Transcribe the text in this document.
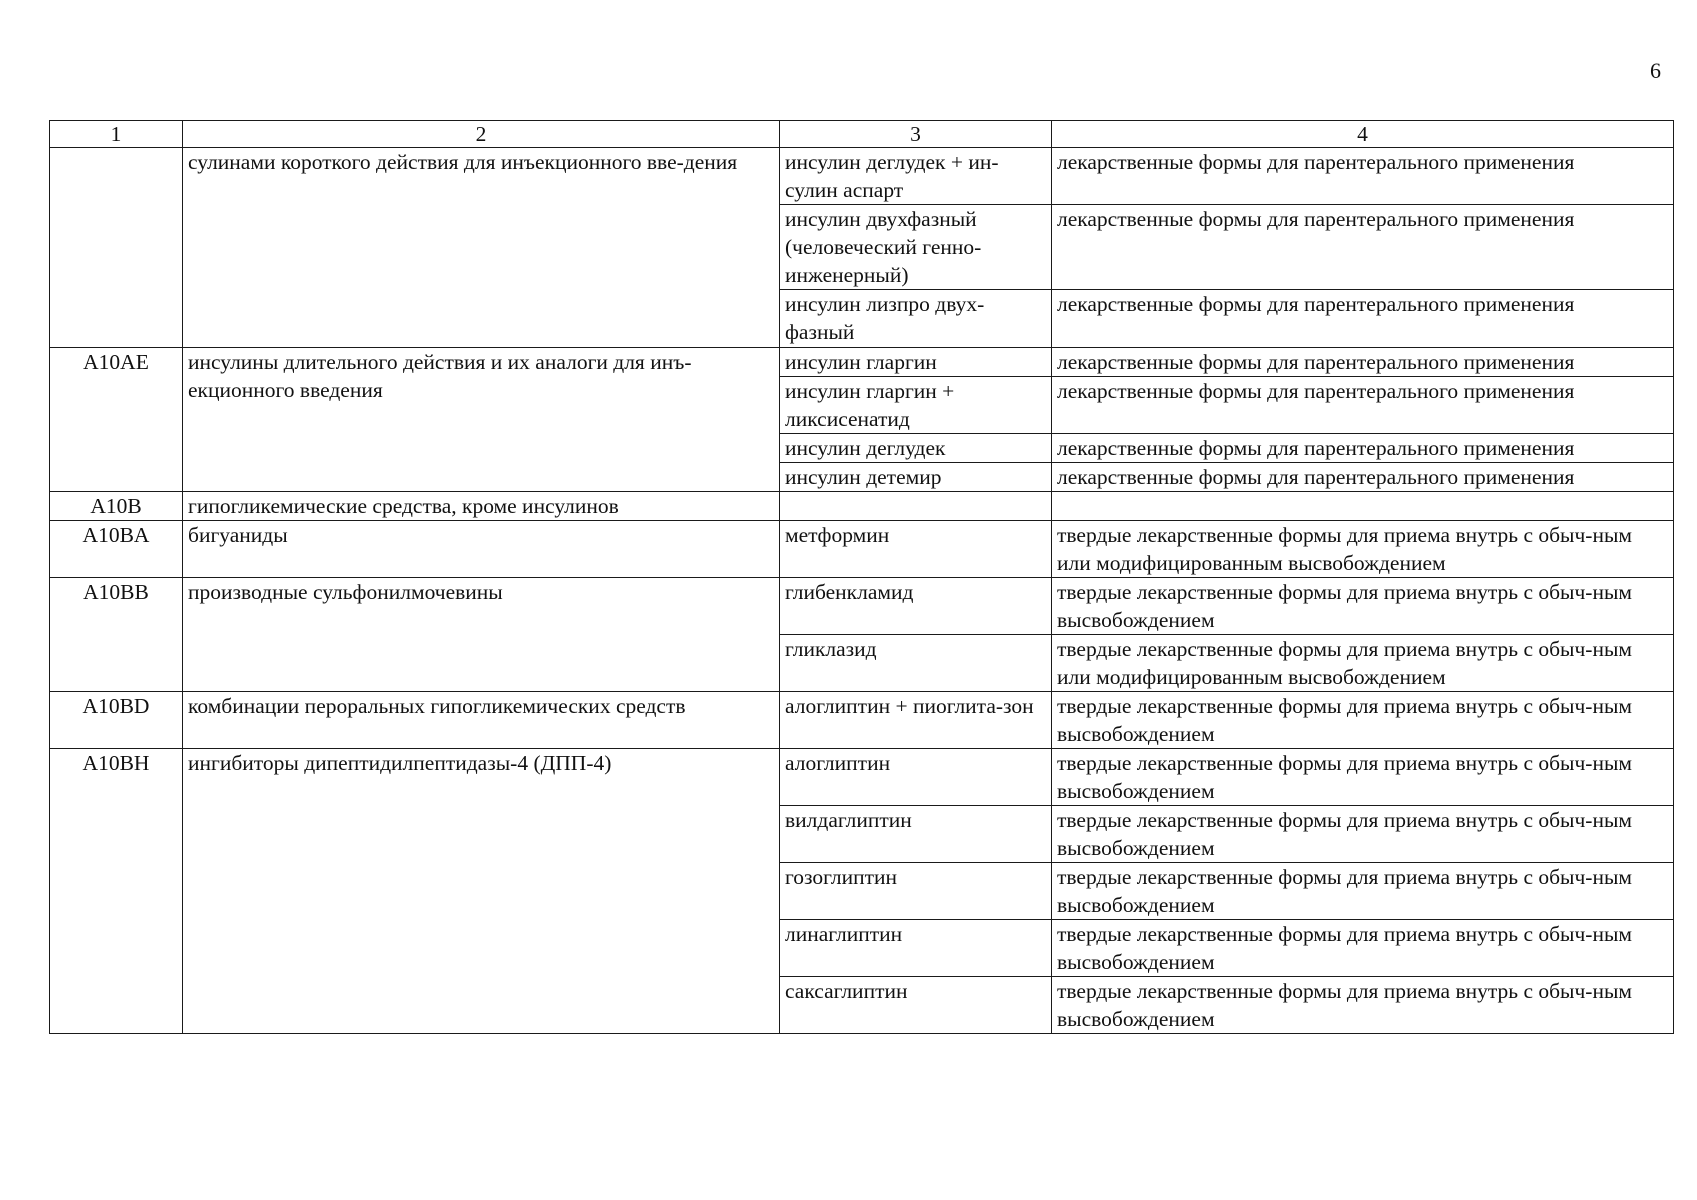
6
1	2	3	4
	сулинами короткого действия для инъекционного вве-дения	инсулин деглудек + ин-сулин аспарт	лекарственные формы для парентерального применения
		инсулин двухфазный (человеческий генно-инженерный)	лекарственные формы для парентерального применения
		инсулин лизпро двух-фазный	лекарственные формы для парентерального применения
A10AE	инсулины длительного действия и их аналоги для инъ-екционного введения	инсулин гларгин	лекарственные формы для парентерального применения
		инсулин гларгин + ликсисенатид	лекарственные формы для парентерального применения
		инсулин деглудек	лекарственные формы для парентерального применения
		инсулин детемир	лекарственные формы для парентерального применения
A10B	гипогликемические средства, кроме инсулинов		
A10BA	бигуаниды	метформин	твердые лекарственные формы для приема внутрь с обыч-ным или модифицированным высвобождением
A10BB	производные сульфонилмочевины	глибенкламид	твердые лекарственные формы для приема внутрь с обыч-ным высвобождением
		гликлазид	твердые лекарственные формы для приема внутрь с обыч-ным или модифицированным высвобождением
A10BD	комбинации пероральных гипогликемических средств	алоглиптин + пиоглита-зон	твердые лекарственные формы для приема внутрь с обыч-ным высвобождением
A10BH	ингибиторы дипептидилпептидазы-4 (ДПП-4)	алоглиптин	твердые лекарственные формы для приема внутрь с обыч-ным высвобождением
		вилдаглиптин	твердые лекарственные формы для приема внутрь с обыч-ным высвобождением
		гозоглиптин	твердые лекарственные формы для приема внутрь с обыч-ным высвобождением
		линаглиптин	твердые лекарственные формы для приема внутрь с обыч-ным высвобождением
		саксаглиптин	твердые лекарственные формы для приема внутрь с обыч-ным высвобождением
